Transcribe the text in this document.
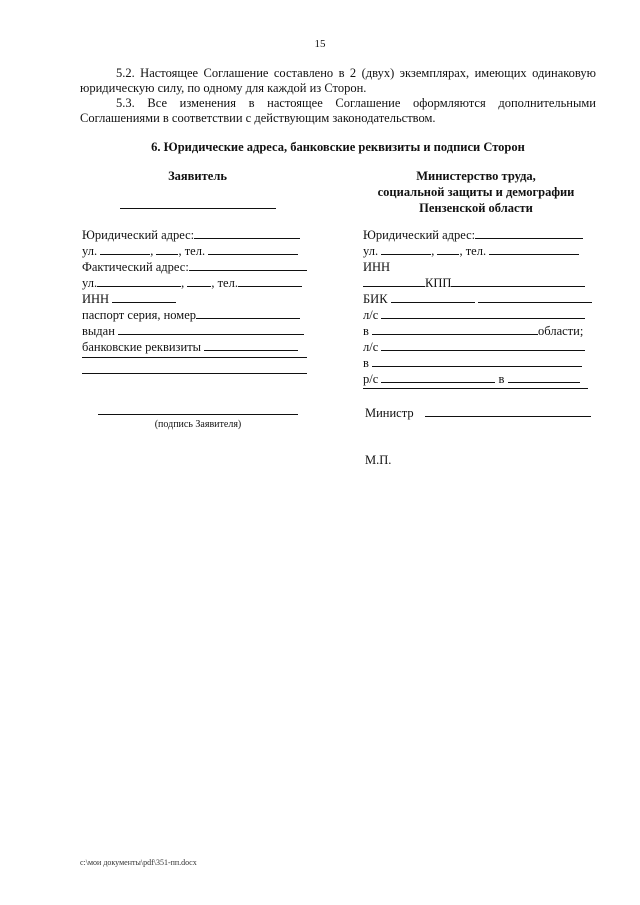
15
5.2. Настоящее Соглашение составлено в 2 (двух) экземплярах, имеющих одинаковую юридическую силу, по одному для каждой из Сторон.
5.3. Все изменения в настоящее Соглашение оформляются дополнительными Соглашениями в соответствии с действующим законодательством.
6. Юридические адреса, банковские реквизиты и подписи Сторон
Заявитель
Юридический адрес:
ул.	, , тел.
Фактический адрес:
ул.	, , тел.
ИНН
паспорт серия, номер
выдан
банковские реквизиты
(подпись Заявителя)
Министерство труда,
социальной защиты и демографии
Пензенской области
Юридический адрес:
ул.	, , тел.
ИНН
КПП
БИК
л/с
в	области;
л/с
в
р/с	в
Министр
М.П.
c:\мои документы\pdf\351-пп.docx
